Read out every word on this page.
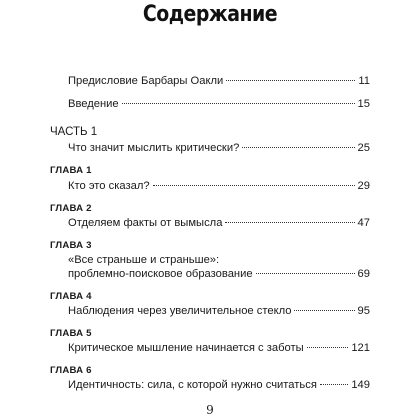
Содержание
Предисловие Барбары Оакли	11
Введение	15
ЧАСТЬ 1
Что значит мыслить критически?	25
ГЛАВА 1
Кто это сказал?	29
ГЛАВА 2
Отделяем факты от вымысла	47
ГЛАВА 3
«Все страньше и страньше»:
проблемно-поисковое образование	69
ГЛАВА 4
Наблюдения через увеличительное стекло	95
ГЛАВА 5
Критическое мышление начинается с заботы	121
ГЛАВА 6
Идентичность: сила, с которой нужно считаться	149
9
